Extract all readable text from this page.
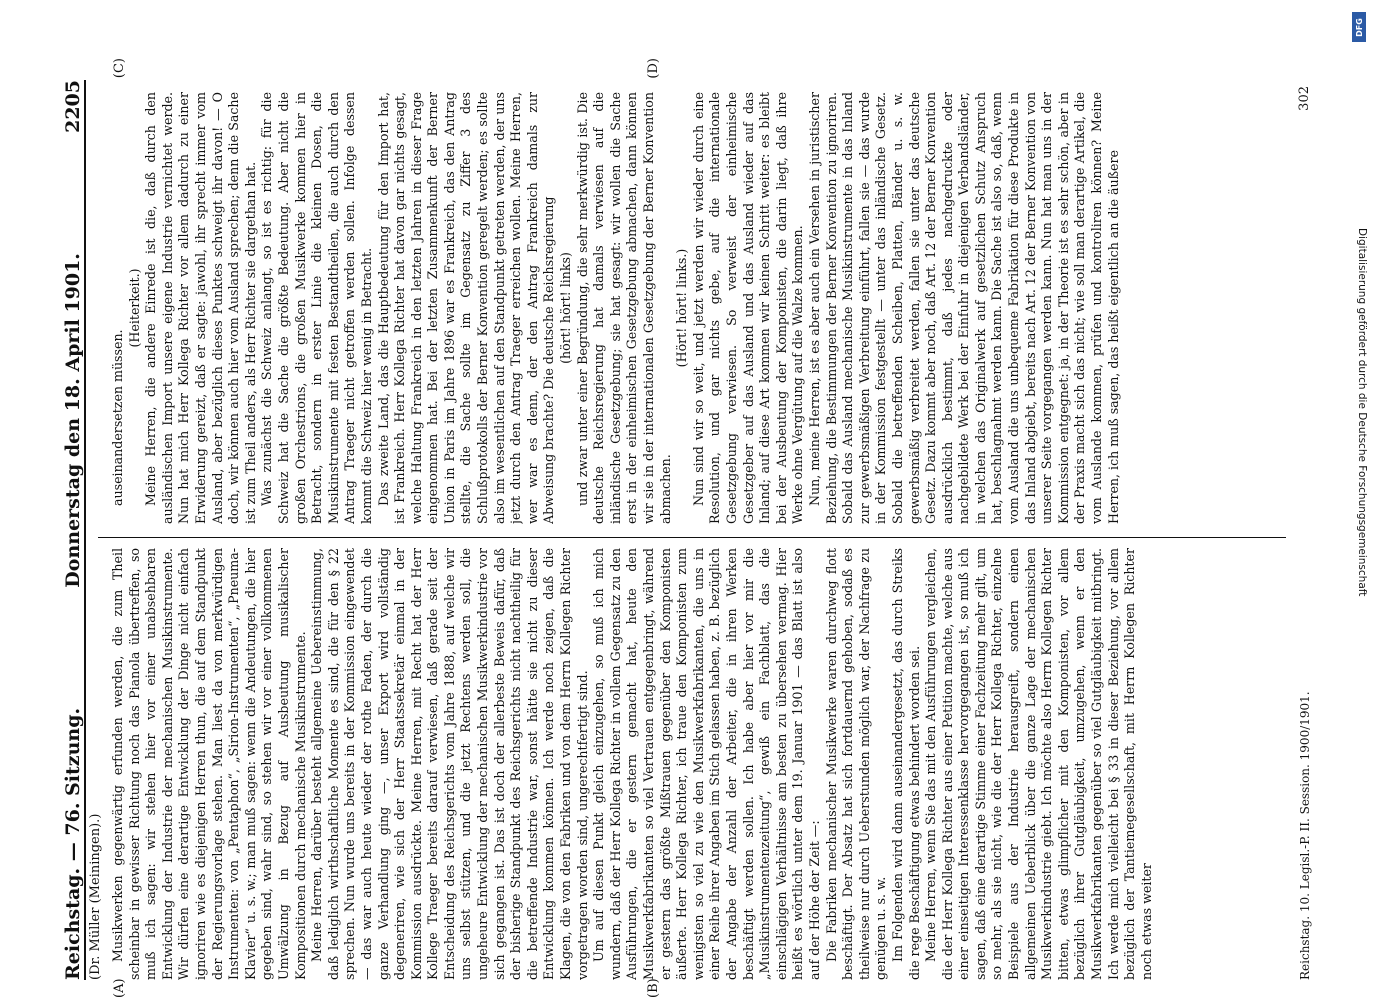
Reichstag. — 76. Sitzung.
Donnerstag den 18. April 1901.
2205
(Dr. Müller (Meiningen).) Musikwerken gegenwärtig erfunden werden, die zum Theil scheinbar in gewisser Richtung noch das Pianola übertreffen, so muß ich sagen: wir stehen hier vor einer unabsehbaren Entwicklung der Industrie der mechanischen Musikinstrumente. Wir dürfen eine derartige Entwicklung der Dinge nicht einfach ignoriren wie es diejenigen Herren thun, die auf dem Standpunkt der Regierungsvorlage stehen. Man liest da von merkwürdigen Instrumenten: von „Pentaphon“, „Sirion-Instrumenten“, „Pneuma-Klavier“ u. s. w.; man muß sagen: wenn die Andeutungen, die hier gegeben sind, wahr sind, so stehen wir vor einer vollkommenen Umwälzung in Bezug auf Ausbeutung musikalischer Kompositionen durch mechanische Musikinstrumente. Meine Herren, darüber besteht allgemeine Uebereinstimmung, daß lediglich wirthschaftliche Momente es sind, die für den § 22 sprechen. Nun wurde uns bereits in der Kommission eingewendet — das war auch heute wieder der rothe Faden, der durch die ganze Verhandlung ging —, unser Export wird vollständig degeneriren, wie sich der Herr Staatssekretär einmal in der Kommission ausdrückte. Meine Herren, mit Recht hat der Herr Kollege Traeger bereits darauf verwiesen, daß gerade seit der Entscheidung des Reichsgerichts vom Jahre 1888, auf welche wir uns selbst stützen, und die jetzt Rechtens werden soll, die ungeheure Entwicklung der mechanischen Musikwerkindustrie vor sich gegangen ist. Das ist doch der allerbeste Beweis dafür, daß der bisherige Standpunkt des Reichsgerichts nicht nachtheilig für die betreffende Industrie war, sonst hätte sie nicht zu dieser Entwicklung kommen können. Ich werde noch zeigen, daß die Klagen, die von den Fabriken und von dem Herrn Kollegen Richter vorgetragen worden sind, ungerechtfertigt sind. Um auf diesen Punkt gleich einzugehen, so muß ich mich wundern, daß der Herr Kollega Richter in vollem Gegensatz zu den Ausführungen, die er gestern gemacht hat, heute den Musikwerkfabrikanten so viel Vertrauen entgegenbringt, während er gestern das größte Mißtrauen gegenüber den Komponisten äußerte. Herr Kollega Richter, ich traue den Komponisten zum wenigsten so viel zu wie den Musikwerkfabrikanten, die uns in einer Reihe ihrer Angaben im Stich gelassen haben, z. B. bezüglich der Angabe der Anzahl der Arbeiter, die in ihren Werken beschäftigt werden sollen. Ich habe aber hier vor mir die „Musikinstrumentenzeitung“, gewiß ein Fachblatt, das die einschlägigen Verhältnisse am besten zu übersehen vermag. Hier heißt es wörtlich unter dem 19. Januar 1901 — das Blatt ist also auf der Höhe der Zeit —: Die Fabriken mechanischer Musikwerke waren durchweg flott beschäftigt. Der Absatz hat sich fortdauernd gehoben, sodaß es theilweise nur durch Ueberstunden möglich war, der Nachfrage zu genügen u. s. w. Im Folgenden wird dann auseinandergesetzt, das durch Streiks die rege Beschäftigung etwas behindert worden sei. Meine Herren, wenn Sie das mit den Ausführungen vergleichen, die der Herr Kollega Richter aus einer Petition machte, welche aus einer einseitigen Interessenklasse hervorgegangen ist, so muß ich sagen, daß eine derartige Stimme einer Fachzeitung mehr gilt, um so mehr, als sie nicht, wie die der Herr Kollega Richter, einzelne Beispiele aus der Industrie herausgreift, sondern einen allgemeinen Ueberblick über die ganze Lage der mechanischen Musikwerkindustrie giebt. Ich möchte also Herrn Kollegen Richter bitten, etwas glimpflicher mit den Komponisten, vor allem bezüglich ihrer Gutgläubigkeit, umzugehen, wenn er den Musikwerkfabrikanten gegenüber so viel Gutgläubigkeit mitbringt. Ich werde mich vielleicht bei § 33 in dieser Beziehung, vor allem bezüglich der Tantiemegesellschaft, mit Herrn Kollegen Richter noch etwas weiter

auseinandersetzen müssen.

(Heiterkeit.) Meine Herren, die andere Einrede ist die, daß durch den ausländischen Import unsere eigene Industrie vernichtet werde. Nun hat mich Herr Kollega Richter vor allem dadurch zu einer Erwiderung gereizt, daß er sagte: jawohl, ihr sprecht immer vom Ausland, aber bezüglich dieses Punktes schweigt ihr davon! — O doch, wir können auch hier vom Ausland sprechen; denn die Sache ist zum Theil anders, als Herr Richter sie dargethan hat. Was zunächst die Schweiz anlangt, so ist es richtig: für die Schweiz hat die Sache die größte Bedeutung. Aber nicht die großen Orchestrions, die großen Musikwerke kommen hier in Betracht, sondern in erster Linie die kleinen Dosen, die Musikinstrumente mit festen Bestandtheilen, die auch durch den Antrag Traeger nicht getroffen werden sollen. Infolge dessen kommt die Schweiz hier wenig in Betracht. Das zweite Land, das die Hauptbedeutung für den Import hat, ist Frankreich. Herr Kollega Richter hat davon gar nichts gesagt, welche Haltung Frankreich in den letzten Jahren in dieser Frage eingenommen hat. Bei der letzten Zusammenkunft der Berner Union in Paris im Jahre 1896 war es Frankreich, das den Antrag stellte, die Sache sollte im Gegensatz zu Ziffer 3 des Schlußprotokolls der Berner Konvention geregelt werden; es sollte also im wesentlichen auf den Standpunkt getreten werden, der uns jetzt durch den Antrag Traeger erreichen wollen. Meine Herren, wer war es denn, der den Antrag Frankreich damals zur Abweisung brachte? Die deutsche Reichsregierung (hört! hört! links) und zwar unter einer Begründung, die sehr merkwürdig ist. Die deutsche Reichsregierung hat damals verwiesen auf die inländische Gesetzgebung; sie hat gesagt: wir wollen die Sache erst in der einheimischen Gesetzgebung abmachen, dann können wir sie in der internationalen Gesetzgebung der Berner Konvention abmachen.

(Hört! hört! links.) Nun sind wir so weit, und jetzt werden wir wieder durch eine Resolution, und gar nichts gebe, auf die internationale Gesetzgebung verwiesen. So verweist der einheimische Gesetzgeber auf das Ausland und das Ausland wieder auf das Inland; auf diese Art kommen wir keinen Schritt weiter: es bleibt bei der Ausbeutung der Komponisten, die darin liegt, daß ihre Werke ohne Vergütung auf die Walze kommen. Nun, meine Herren, ist es aber auch ein Versehen in juristischer Beziehung, die Bestimmungen der Berner Konvention zu ignoriren. Sobald das Ausland mechanische Musikinstrumente in das Inland zur gewerbsmäßigen Verbreitung einführt, fallen sie — das wurde in der Kommission festgestellt — unter das inländische Gesetz. Sobald die betreffenden Scheiben, Platten, Bänder u. s. w. gewerbsmäßig verbreitet werden, fallen sie unter das deutsche Gesetz. Dazu kommt aber noch, daß Art. 12 der Berner Konvention ausdrücklich bestimmt, daß jedes nachgedruckte oder nachgebildete Werk bei der Einfuhr in diejenigen Verbandsländer, in welchen das Originalwerk auf gesetzlichen Schutz Anspruch hat, beschlagnahmt werden kann. Die Sache ist also so, daß, wenn vom Ausland die uns unbequeme Fabrikation für diese Produkte in das Inland abgiebt, bereits nach Art. 12 der Berner Konvention von unserer Seite vorgegangen werden kann. Nun hat man uns in der Kommission entgegnet: ja, in der Theorie ist es sehr schön, aber in der Praxis macht sich das nicht; wie soll man derartige Artikel, die vom Auslande kommen, prüfen und kontroliren können? Meine Herren, ich muß sagen, das heißt eigentlich an die äußere

(A)	(B)
(C)	(D)
Reichstag. 10. Legisl.-P. II. Session. 1900/1901.
302
DFG
Digitalisierung gefördert durch die Deutsche Forschungsgemeinschaft
